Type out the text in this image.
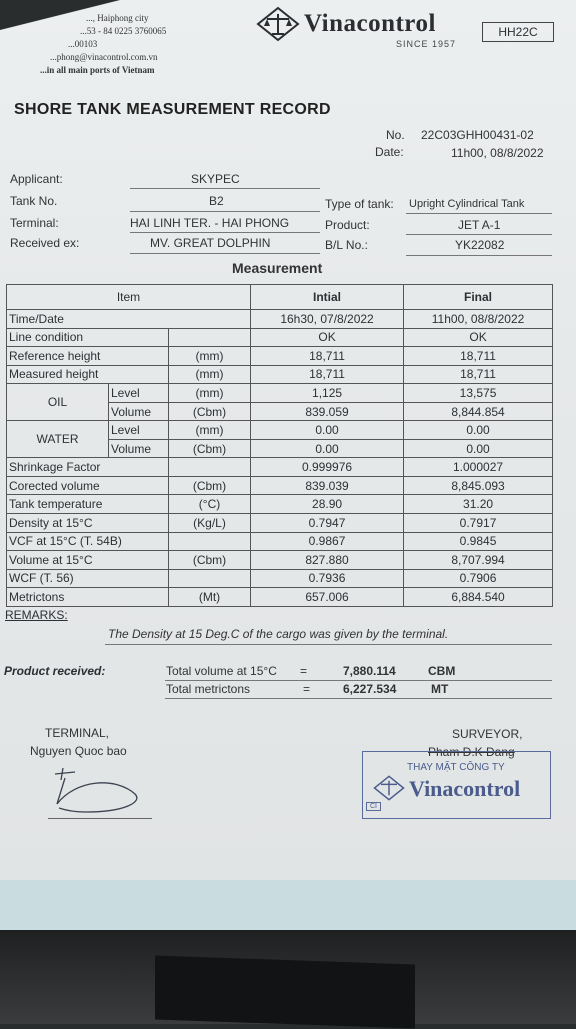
..., Haiphong city
...53 - 84 0225 3760065
...00103
...phong@vinacontrol.com.vn
...in all main ports of Vietnam
Vinacontrol
SINCE 1957
HH22C
SHORE TANK MEASUREMENT RECORD
No. 22C03GHH00431-02
Date:	11h00, 08/8/2022
Applicant:	SKYPEC
Tank No.	B2
Terminal:	HAI LINH TER. - HAI PHONG
Received ex:	MV. GREAT DOLPHIN
Type of tank: Upright Cylindrical Tank
Product:	JET A-1
B/L No.:	YK22082
Measurement
Item			Intial	Final
Time/Date			16h30, 07/8/2022	11h00, 08/8/2022
Line condition			OK	OK
Reference height		(mm)	18,711	18,711
Measured height		(mm)	18,711	18,711
OIL	Level	(mm)	1,125	13,575
	Volume	(Cbm)	839.059	8,844.854
WATER	Level	(mm)	0.00	0.00
	Volume	(Cbm)	0.00	0.00
Shrinkage Factor			0.999976	1.000027
Corected volume		(Cbm)	839.039	8,845.093
Tank temperature		(°C)	28.90	31.20
Density at 15°C		(Kg/L)	0.7947	0.7917
VCF at 15°C (T. 54B)			0.9867	0.9845
Volume at 15°C		(Cbm)	827.880	8,707.994
WCF (T. 56)			0.7936	0.7906
Metrictons		(Mt)	657.006	6,884.540
REMARKS:
The Density at 15 Deg.C of the cargo was given by the terminal.
Product received:	Total volume at 15°C =	7,880.114	CBM
Total metrictons	=	6,227.534	MT
TERMINAL,
Nguyen Quoc bao
SURVEYOR,
Pham D.K Dang
THAY MẶT CÔNG TY
Vinacontrol
CI
